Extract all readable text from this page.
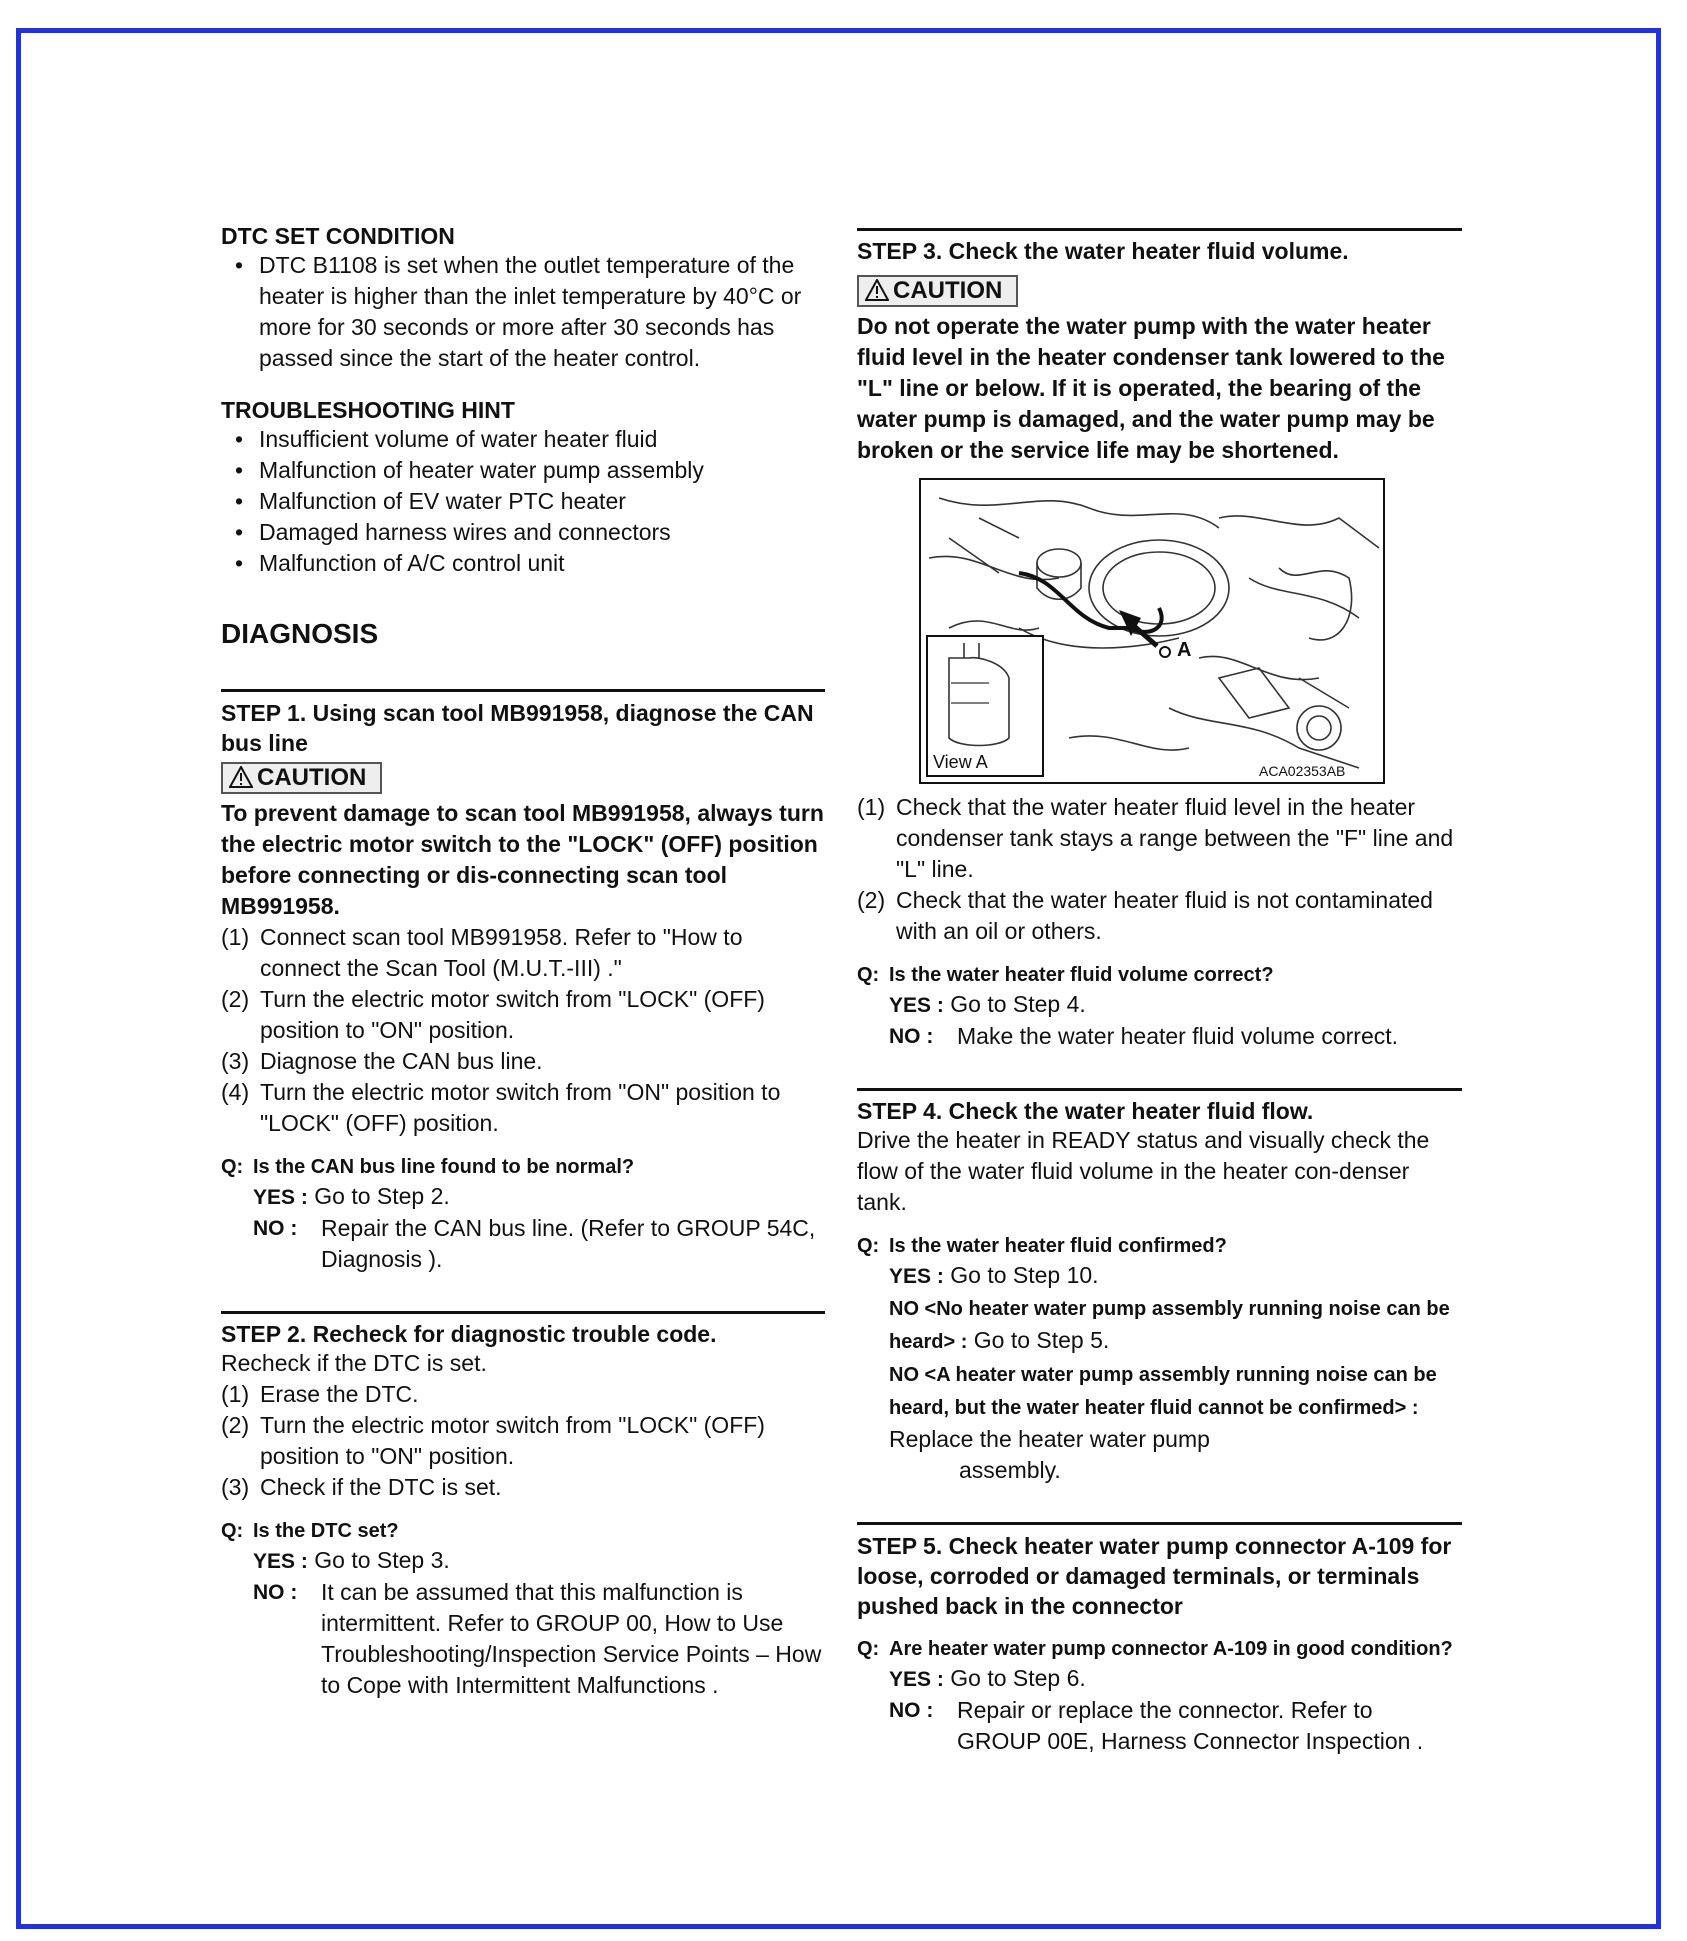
DTC SET CONDITION

• DTC B1108 is set when the outlet temperature of the heater is higher than the inlet temperature by 40°C or more for 30 seconds or more after 30 seconds has passed since the start of the heater control.

TROUBLESHOOTING HINT

• Insufficient volume of water heater fluid
• Malfunction of heater water pump assembly
• Malfunction of EV water PTC heater
• Damaged harness wires and connectors
• Malfunction of A/C control unit

DIAGNOSIS

STEP 1. Using scan tool MB991958, diagnose the CAN bus line

CAUTION

To prevent damage to scan tool MB991958, always turn the electric motor switch to the "LOCK" (OFF) position before connecting or dis-connecting scan tool MB991958.

(1) Connect scan tool MB991958. Refer to "How to connect the Scan Tool (M.U.T.-III) ."
(2) Turn the electric motor switch from "LOCK" (OFF) position to "ON" position.
(3) Diagnose the CAN bus line.
(4) Turn the electric motor switch from "ON" position to "LOCK" (OFF) position.

Q: Is the CAN bus line found to be normal?

YES : Go to Step 2.
NO : Repair the CAN bus line. (Refer to GROUP 54C, Diagnosis ).

STEP 2. Recheck for diagnostic trouble code.

Recheck if the DTC is set.

(1) Erase the DTC.
(2) Turn the electric motor switch from "LOCK" (OFF) position to "ON" position.
(3) Check if the DTC is set.

Q: Is the DTC set?

YES : Go to Step 3.
NO : It can be assumed that this malfunction is intermittent. Refer to GROUP 00, How to Use Troubleshooting/Inspection Service Points – How to Cope with Intermittent Malfunctions .

STEP 3. Check the water heater fluid volume.

CAUTION

Do not operate the water pump with the water heater fluid level in the heater condenser tank lowered to the "L" line or below. If it is operated, the bearing of the water pump is damaged, and the water pump may be broken or the service life may be shortened.

A
View A	ACA02353AB
(1) Check that the water heater fluid level in the heater condenser tank stays a range between the "F" line and "L" line.
(2) Check that the water heater fluid is not contaminated with an oil or others.

Q: Is the water heater fluid volume correct?

YES : Go to Step 4.
NO : Make the water heater fluid volume correct.

STEP 4. Check the water heater fluid flow.

Drive the heater in READY status and visually check the flow of the water fluid volume in the heater con-denser tank.

Q: Is the water heater fluid confirmed?

YES : Go to Step 10.
NO <No heater water pump assembly running noise can be heard> : Go to Step 5.
NO <A heater water pump assembly running noise can be heard, but the water heater fluid cannot be confirmed> : Replace the heater water pump
assembly.

STEP 5. Check heater water pump connector A-109 for loose, corroded or damaged terminals, or terminals pushed back in the connector

Q: Are heater water pump connector A-109 in good condition?

YES : Go to Step 6.
NO : Repair or replace the connector. Refer to GROUP 00E, Harness Connector Inspection .
